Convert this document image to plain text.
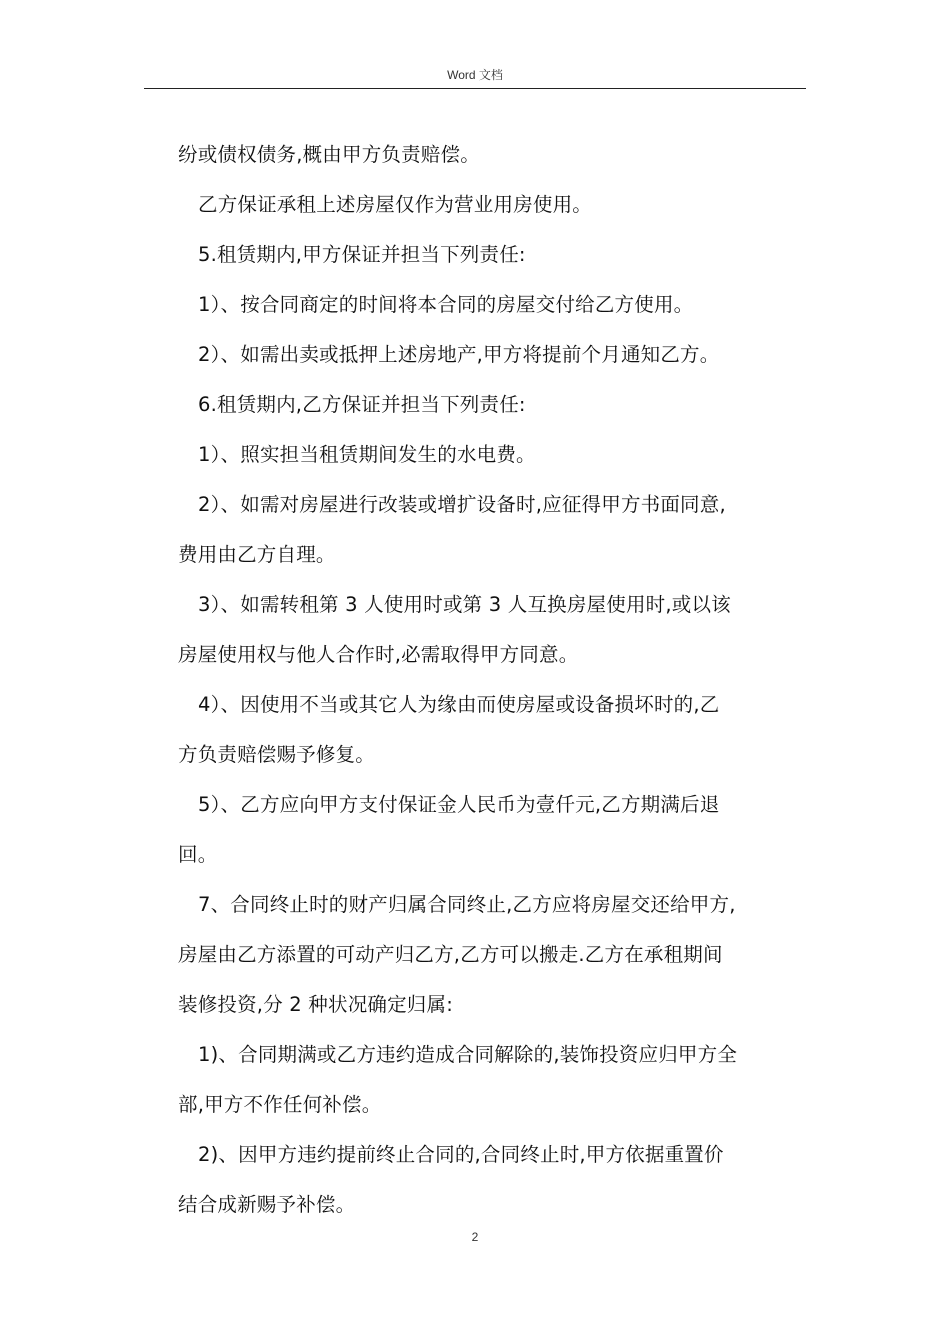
Word 文档
纷或债权债务,概由甲方负责赔偿。
乙方保证承租上述房屋仅作为营业用房使用。
5.租赁期内,甲方保证并担当下列责任:
1）、按合同商定的时间将本合同的房屋交付给乙方使用。
2）、如需出卖或抵押上述房地产,甲方将提前个月通知乙方。
6.租赁期内,乙方保证并担当下列责任:
1）、照实担当租赁期间发生的水电费。
2）、如需对房屋进行改装或增扩设备时,应征得甲方书面同意,
费用由乙方自理。
3）、如需转租第 3 人使用时或第 3 人互换房屋使用时,或以该
房屋使用权与他人合作时,必需取得甲方同意。
4）、因使用不当或其它人为缘由而使房屋或设备损坏时的,乙
方负责赔偿赐予修复。
5）、乙方应向甲方支付保证金人民币为壹仟元,乙方期满后退
回。
7、合同终止时的财产归属合同终止,乙方应将房屋交还给甲方,
房屋由乙方添置的可动产归乙方,乙方可以搬走.乙方在承租期间
装修投资,分 2 种状况确定归属:
1)、合同期满或乙方违约造成合同解除的,装饰投资应归甲方全
部,甲方不作任何补偿。
2)、因甲方违约提前终止合同的,合同终止时,甲方依据重置价
结合成新赐予补偿。
2
